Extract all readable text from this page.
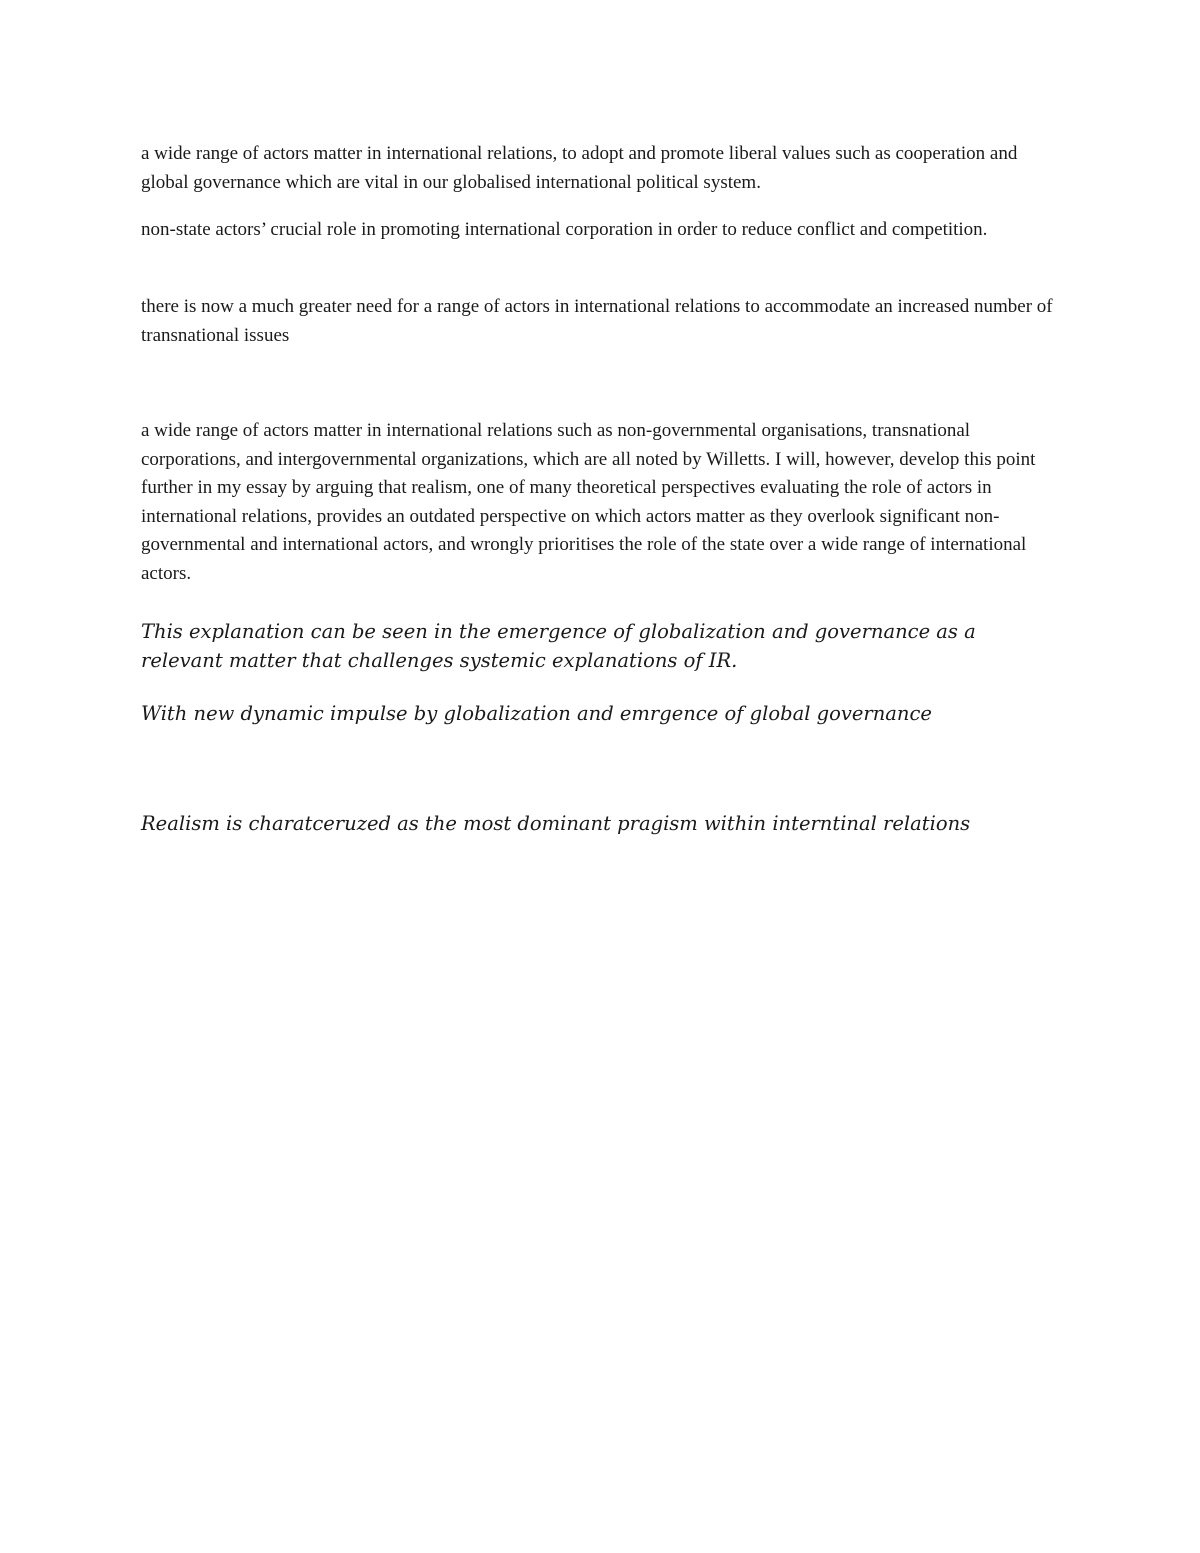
a wide range of actors matter in international relations, to adopt and promote liberal values such as cooperation and global governance which are vital in our globalised international political system.

non-state actors’ crucial role in promoting international corporation in order to reduce conflict and competition.

there is now a much greater need for a range of actors in international relations to accommodate an increased number of transnational issues

a wide range of actors matter in international relations such as non-governmental organisations, transnational corporations, and intergovernmental organizations, which are all noted by Willetts. I will, however, develop this point further in my essay by arguing that realism, one of many theoretical perspectives evaluating the role of actors in international relations, provides an outdated perspective on which actors matter as they overlook significant non-governmental and international actors, and wrongly prioritises the role of the state over a wide range of international actors.

This explanation can be seen in the emergence of globalization and governance as a relevant matter that challenges systemic explanations of IR.

With new dynamic impulse by globalization and emrgence of global governance

Realism is charatceruzed as the most dominant pragism within interntinal relations
